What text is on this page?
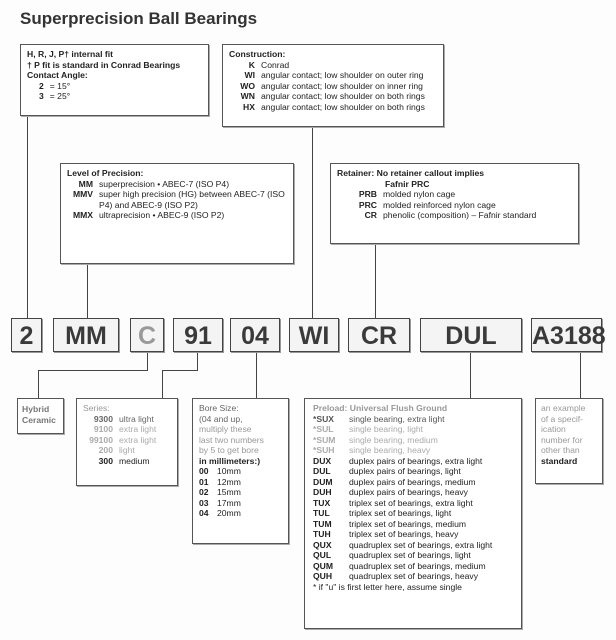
Superprecision Ball Bearings
H, R, J, P† internal fit
† P fit is standard in Conrad Bearings
Contact Angle:
2 = 15°
3 = 25°
Construction:
K Conrad
WI angular contact; low shoulder on outer ring
WO angular contact; low shoulder on inner ring
WN angular contact; low shoulder on both rings
HX angular contact; low shoulder on both rings
Level of Precision:
MM superprecision • ABEC-7 (ISO P4)
MMV super high precision (HG) between ABEC-7 (ISO P4) and ABEC-9 (ISO P2)
MMX ultraprecision • ABEC-9 (ISO P2)
Retainer: No retainer callout implies
Fafnir PRC
PRB molded nylon cage
PRC molded reinforced nylon cage
CR phenolic (composition) – Fafnir standard
2	MM	C	91	04	WI	CR	DUL	A3188
Hybrid
Ceramic
Series:
9300 ultra light
9100 extra light
99100 extra light
200 light
300 medium
Bore Size:
(04 and up,
multiply these
last two numbers
by 5 to get bore
in millimeters:)
00 10mm
01 12mm
02 15mm
03 17mm
04 20mm
Preload: Universal Flush Ground
*SUX	single bearing, extra light
*SUL	single bearing, light
*SUM	single bearing, medium
*SUH	single bearing, heavy
DUX	duplex pairs of bearings, extra light
DUL	duplex pairs of bearings, light
DUM	duplex pairs of bearings, medium
DUH	duplex pairs of bearings, heavy
TUX	triplex set of bearings, extra light
TUL	triplex set of bearings, light
TUM	triplex set of bearings, medium
TUH	triplex set of bearings, heavy
QUX	quadruplex set of bearings, extra light
QUL	quadruplex set of bearings, light
QUM	quadruplex set of bearings, medium
QUH	quadruplex set of bearings, heavy
* if "u" is first letter here, assume single
an example
of a specif-
ication
number for
other than
standard
